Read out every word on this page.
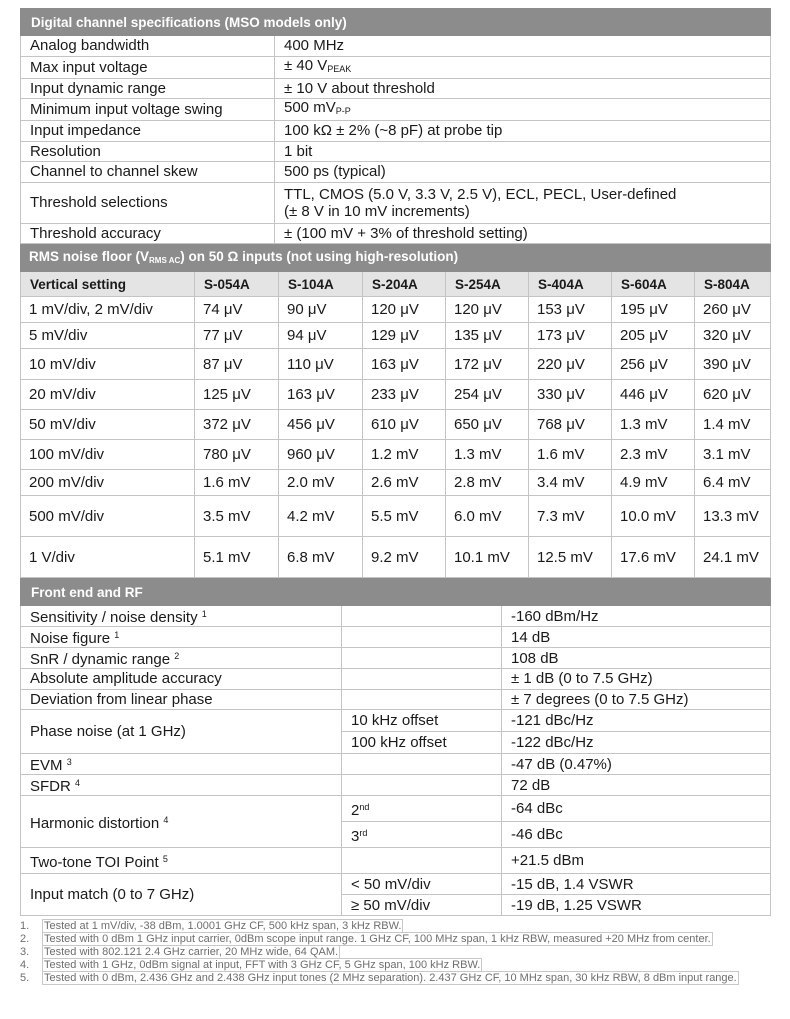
Digital channel specifications (MSO models only)	
Analog bandwidth	400 MHz
Max input voltage	± 40 $V_{PEAK}$
Input dynamic range	± 10 V about threshold
Minimum input voltage swing	500 $mV_{P-P}$
Input impedance	100 kΩ ± 2% (~8 pF) at probe tip
Resolution	1 bit
Channel to channel skew	500 ps (typical)
Threshold selections	TTL, CMOS (5.0 V, 3.3 V, 2.5 V), ECL, PECL, User-defined
(± 8 V in 10 mV increments)

Threshold accuracy	± (100 mV + 3% of threshold setting)
RMS noise floor $(V_{RMS AC})$ on 50 Ω inputs (not using high-resolution)							
Vertical setting	S-054A	S-104A	S-204A	S-254A	S-404A	S-604A	S-804A
1 mV/div, 2 mV/div	74 μV	90 μV	120 μV	120 μV	153 μV	195 μV	260 μV
5 mV/div	77 μV	94 μV	129 μV	135 μV	173 μV	205 μV	320 μV
10 mV/div	87 μV	110 μV	163 μV	172 μV	220 μV	256 μV	390 μV
20 mV/div	125 μV	163 μV	233 μV	254 μV	330 μV	446 μV	620 μV
50 mV/div	372 μV	456 μV	610 μV	650 μV	768 μV	1.3 mV	1.4 mV
100 mV/div	780 μV	960 μV	1.2 mV	1.3 mV	1.6 mV	2.3 mV	3.1 mV
200 mV/div	1.6 mV	2.0 mV	2.6 mV	2.8 mV	3.4 mV	4.9 mV	6.4 mV
500 mV/div	3.5 mV	4.2 mV	5.5 mV	6.0 mV	7.3 mV	10.0 mV	13.3 mV
1 V/div	5.1 mV	6.8 mV	9.2 mV	10.1 mV	12.5 mV	17.6 mV	24.1 mV
Front end and RF		
Sensitivity / noise density $^1$		-160 dBm/Hz
Noise figure $^1$		14 dB
SnR / dynamic range $^2$		108 dB
Absolute amplitude accuracy		± 1 dB (0 to 7.5 GHz)
Deviation from linear phase		± 7 degrees (0 to 7.5 GHz)
Phase noise (at 1 GHz)	10 kHz offset	-121 dBc/Hz
	100 kHz offset	-122 dBc/Hz
EVM $^3$		-47 dB (0.47%)
SFDR $^4$		72 dB
Harmonic distortion $^4$	2nd	-64 dBc
	3rd	-46 dBc
Two-tone TOI Point $^5$		+21.5 dBm
Input match (0 to 7 GHz)	< 50 mV/div	-15 dB, 1.4 VSWR
	≥ 50 mV/div	-19 dB, 1.25 VSWR
1.	Tested at 1 mV/div, -38 dBm, 1.0001 GHz CF, 500 kHz span, 3 kHz RBW.
2.	Tested with 0 dBm 1 GHz input carrier, 0dBm scope input range. 1 GHz CF, 100 MHz span, 1 kHz RBW, measured +20 MHz from center.
3.	Tested with 802.121 2.4 GHz carrier, 20 MHz wide, 64 QAM.
4.	Tested with 1 GHz, 0dBm signal at input, FFT with 3 GHz CF, 5 GHz span, 100 kHz RBW.
5.	Tested with 0 dBm, 2.436 GHz and 2.438 GHz input tones (2 MHz separation). 2.437 GHz CF, 10 MHz span, 30 kHz RBW, 8 dBm input range.
